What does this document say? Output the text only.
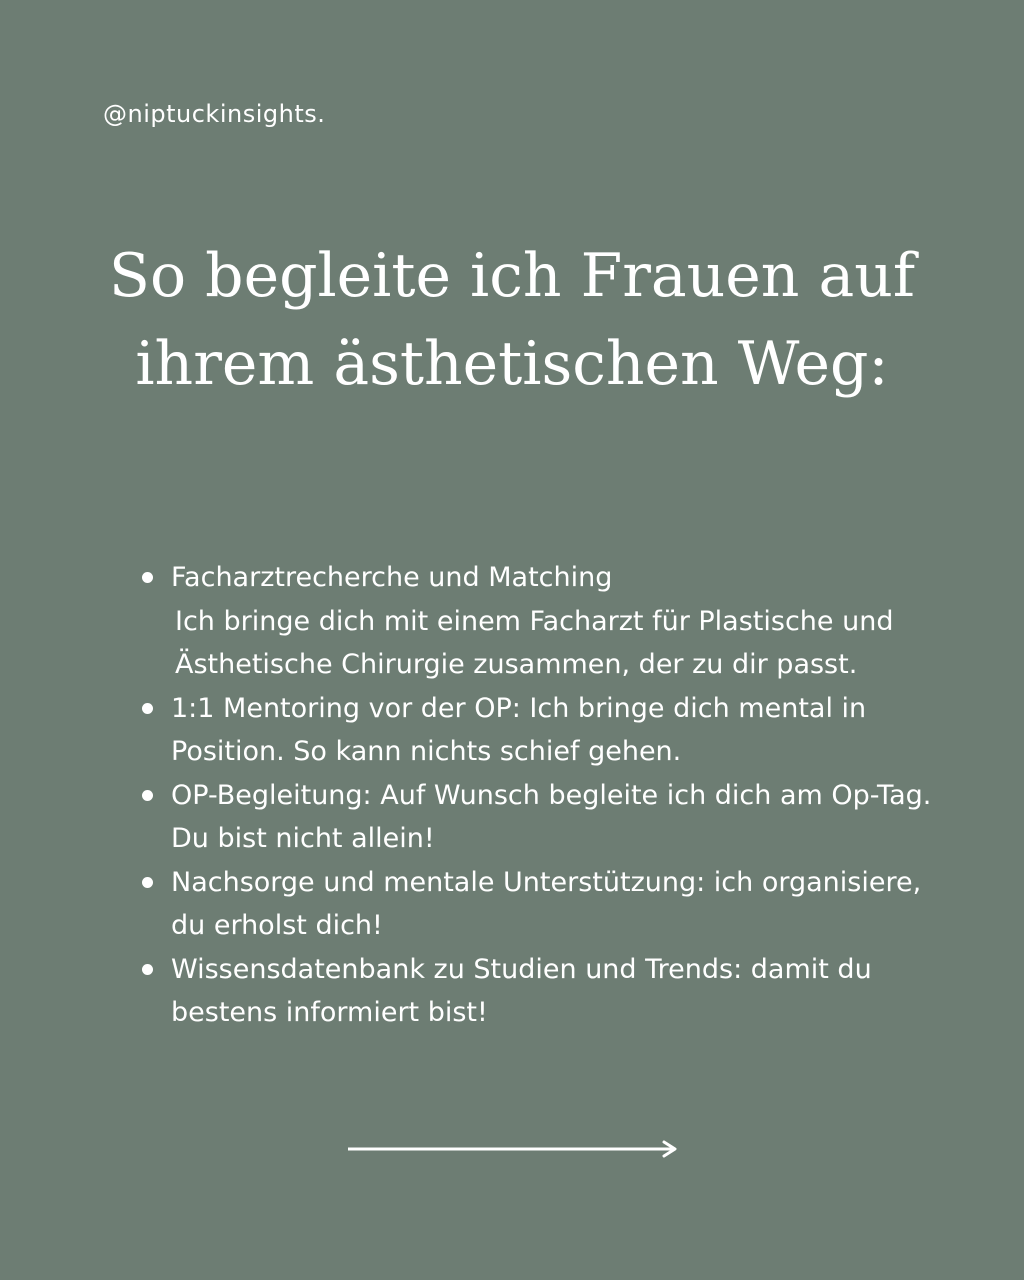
@niptuckinsights.
So begleite ich Frauen auf
ihrem ästhetischen Weg:
Facharztrecherche und Matching
Ich bringe dich mit einem Facharzt für Plastische und Ästhetische Chirurgie zusammen, der zu dir passt.
1:1 Mentoring vor der OP: Ich bringe dich mental in Position. So kann nichts schief gehen.
OP-Begleitung: Auf Wunsch begleite ich dich am Op-Tag. Du bist nicht allein!
Nachsorge und mentale Unterstützung: ich organisiere, du erholst dich!
Wissensdatenbank zu Studien und Trends: damit du bestens informiert bist!
